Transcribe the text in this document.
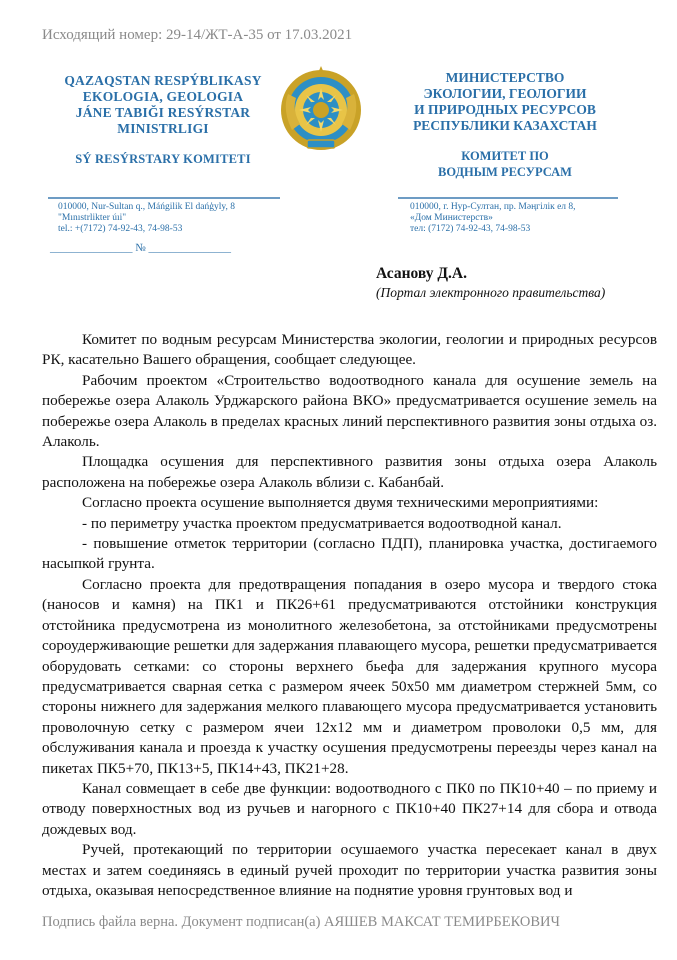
Исходящий номер: 29-14/ЖТ-А-35 от 17.03.2021
QAZAQSTAN RESPÝBLIKASY
EKOLOGIA, GEOLOGIA
JÁNE TABIĞI RESÝRSTAR
MINISTRLIGI
SÝ RESÝRSTARY KOMITETI
МИНИСТЕРСТВО
ЭКОЛОГИИ, ГЕОЛОГИИ
И ПРИРОДНЫХ РЕСУРСОВ
РЕСПУБЛИКИ КАЗАХСТАН
КОМИТЕТ ПО
ВОДНЫМ РЕСУРСАМ
010000, Nur-Sultan q., Máńgilik El dańģyly, 8
"Mınıstrlikter úıi"
tel.: +(7172) 74-92-43, 74-98-53
010000, г. Нур-Султан, пр. Мәңгілік ел 8,
«Дом Министерств»
тел: (7172) 74-92-43, 74-98-53
_______________ № _______________
Асанову Д.А.
(Портал электронного правительства)

Комитет по водным ресурсам Министерства экологии, геологии и природных ресурсов РК, касательно Вашего обращения, сообщает следующее.

Рабочим проектом «Строительство водоотводного канала для осушение земель на побережье озера Алаколь Урджарского района ВКО» предусматривается осушение земель на побережье озера Алаколь в пределах красных линий перспективного развития зоны отдыха оз. Алаколь.

Площадка осушения для перспективного развития зоны отдыха озера Алаколь расположена на побережье озера Алаколь вблизи с. Кабанбай.

Согласно проекта осушение выполняется двумя техническими мероприятиями:

- по периметру участка проектом предусматривается водоотводной канал.

- повышение отметок территории (согласно ПДП), планировка участка, достигаемого насыпкой грунта.

Согласно проекта для предотвращения попадания в озеро мусора и твердого стока (наносов и камня) на ПК1 и ПК26+61 предусматриваются отстойники конструкция отстойника предусмотрена из монолитного железобетона, за отстойниками предусмотрены сороудерживающие решетки для задержания плавающего мусора, решетки предусматривается оборудовать сетками: со стороны верхнего бьефа для задержания крупного мусора предусматривается сварная сетка с размером ячеек 50х50 мм диаметром стержней 5мм, со стороны нижнего для задержания мелкого плавающего мусора предусматривается установить проволочную сетку с размером ячеи 12х12 мм и диаметром проволоки 0,5 мм, для обслуживания канала и проезда к участку осушения предусмотрены переезды через канал на пикетах ПК5+70, ПК13+5, ПК14+43, ПК21+28.

Канал совмещает в себе две функции: водоотводного с ПК0 по ПК10+40 – по приему и отводу поверхностных вод из ручьев и нагорного с ПК10+40 ПК27+14 для сбора и отвода дождевых вод.

Ручей, протекающий по территории осушаемого участка пересекает канал в двух местах и затем соединяясь в единый ручей проходит по территории участка развития зоны отдыха, оказывая непосредственное влияние на поднятие уровня грунтовых вод и

Подпись файла верна. Документ подписан(а) АЯШЕВ МАКСАТ ТЕМИРБЕКОВИЧ
